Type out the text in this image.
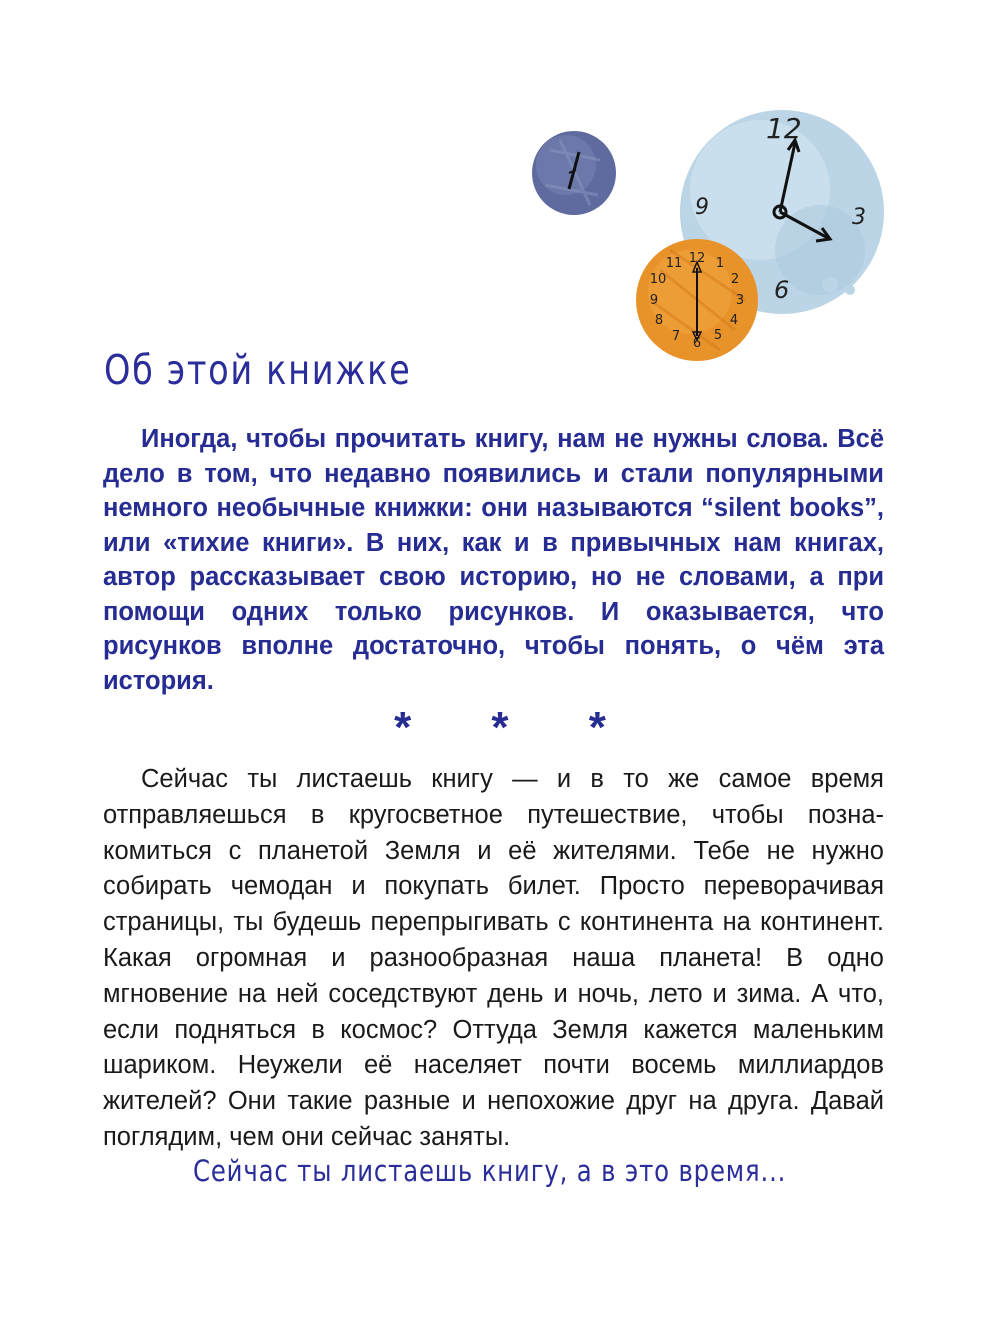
12
3
6
9
12 1
2
3
4
5
6
7
8
9
10
11
Об этой книжке

Иногда, чтобы прочитать книгу, нам не нужны слова. Всё дело в том, что недавно появились и стали популярными немного необычные книжки: они называются “silent books”, или «тихие книги». В них, как и в привычных нам книгах, автор рассказывает свою историю, но не словами, а при помощи одних только рисунков. И оказывается, что рисунков вполне достаточно, чтобы понять, о чём эта история.

* * *

Сейчас ты листаешь книгу — и в то же самое время отправляешься в кругосветное путешествие, чтобы познакомиться с планетой Земля и её жителями. Тебе не нужно собирать чемодан и покупать билет. Просто переворачивая страницы, ты будешь перепрыгивать с континента на континент. Какая огромная и разнообразная наша планета! В одно мгновение на ней соседствуют день и ночь, лето и зима. А что, если подняться в космос? Оттуда Земля кажется маленьким шариком. Неужели её населяет почти восемь миллиардов жителей? Они такие разные и непохожие друг на друга. Давай поглядим, чем они сейчас заняты.

Сейчас ты листаешь книгу, а в это время...
